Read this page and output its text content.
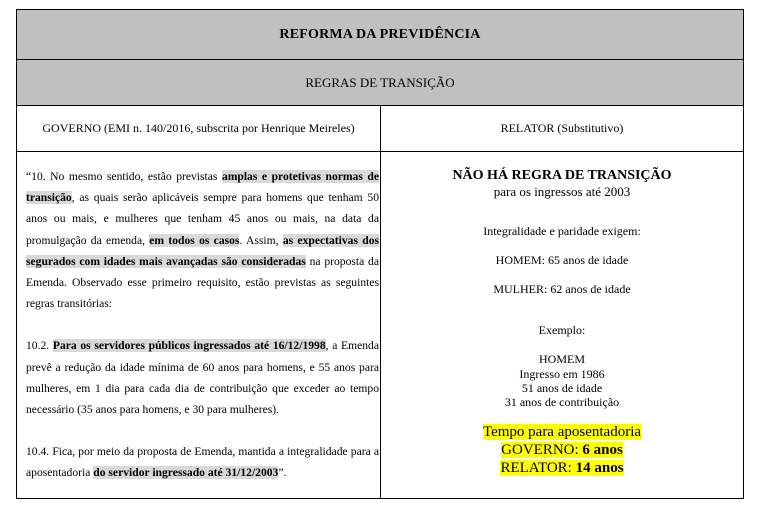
REFORMA DA PREVIDÊNCIA
REGRAS DE TRANSIÇÃO
GOVERNO (EMI n. 140/2016, subscrita por Henrique Meireles)	RELATOR (Substitutivo)

“10. No mesmo sentido, estão previstas amplas e protetivas normas de transição, as quais serão aplicáveis sempre para homens que tenham 50 anos ou mais, e mulheres que tenham 45 anos ou mais, na data da promulgação da emenda, em todos os casos. Assim, as expectativas dos segurados com idades mais avançadas são consideradas na proposta da Emenda. Observado esse primeiro requisito, estão previstas as seguintes regras transitórias:

10.2. Para os servidores públicos ingressados até 16/12/1998, a Emenda prevê a redução da idade mínima de 60 anos para homens, e 55 anos para mulheres, em 1 dia para cada dia de contribuição que exceder ao tempo necessário (35 anos para homens, e 30 para mulheres).

10.4. Fica, por meio da proposta de Emenda, mantida a integralidade para a aposentadoria do servidor ingressado até 31/12/2003”.

NÃO HÁ REGRA DE TRANSIÇÃO
para os ingressos até 2003
Integralidade e paridade exigem:
HOMEM: 65 anos de idade
MULHER: 62 anos de idade
Exemplo:
HOMEM
Ingresso em 1986
51 anos de idade
31 anos de contribuição
Tempo para aposentadoria
GOVERNO: 6 anos
RELATOR: 14 anos
